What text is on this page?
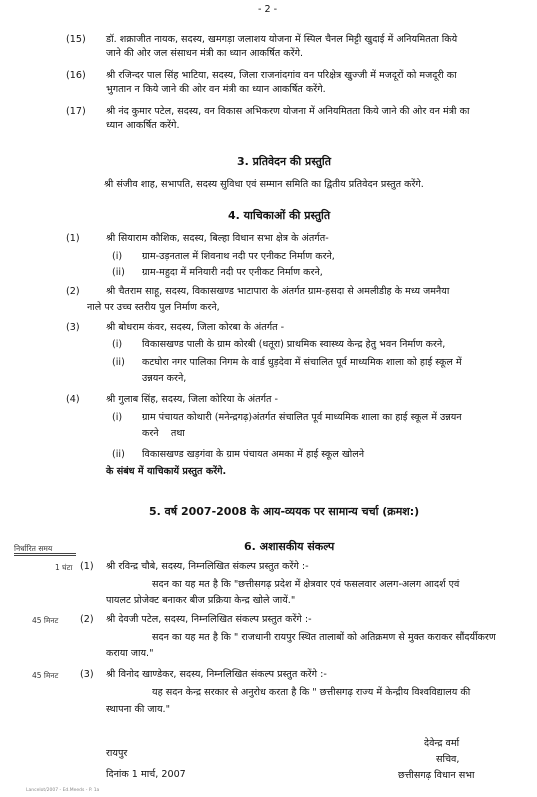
- 2 -
(15) डॉ. शक्राजीत नायक, सदस्य, खमगड़ा जलाशय योजना में स्पिल चैनल मिट्टी खुदाई में अनियमितता किये
जाने की ओर जल संसाधन मंत्री का ध्यान आकर्षित करेंगे.
(16) श्री रजिन्दर पाल सिंह भाटिया, सदस्य, जिला राजनांदगांव वन परिक्षेत्र खुज्जी में मजदूरों को मजदूरी का
भुगतान न किये जाने की ओर वन मंत्री का ध्यान आकर्षित करेंगे.
(17) श्री नंद कुमार पटेल, सदस्य, वन विकास अभिकरण योजना में अनियमितता किये जाने की ओर वन मंत्री का
ध्यान आकर्षित करेंगे.
3. प्रतिवेदन की प्रस्तुति
श्री संजीव शाह, सभापति, सदस्य सुविधा एवं सम्मान समिति का द्वितीय प्रतिवेदन प्रस्तुत करेंगे.
4. याचिकाओं की प्रस्तुति
(1)	श्री सियाराम कौशिक, सदस्य, बिल्हा विधान सभा क्षेत्र के अंतर्गत-
(i) ग्राम-उड़नताल में शिवनाथ नदी पर एनीकट निर्माण करने,
(ii) ग्राम-महुदा में मनियारी नदी पर एनीकट निर्माण करने,
(2)	श्री चैतराम साहू, सदस्य, विकासखण्ड भाटापारा के अंतर्गत ग्राम-हसदा से अमलीडीह के मध्य जमनैया
नाले पर उच्च स्तरीय पुल निर्माण करने,
(3)	श्री बोधराम कंवर, सदस्य, जिला कोरबा के अंतर्गत -
(i) विकासखण्ड पाली के ग्राम कोरबी (धतूरा) प्राथमिक स्वास्थ्य केन्द्र हेतु भवन निर्माण करने,
(ii) कटघोरा नगर पालिका निगम के वार्ड धुड़देवा में संचालित पूर्व माध्यमिक शाला को हाई स्कूल में
उन्नयन करने,
(4)	श्री गुलाब सिंह, सदस्य, जिला कोरिया के अंतर्गत -
(i) ग्राम पंचायत कोथारी (मनेन्द्रगढ़)अंतर्गत संचालित पूर्व माध्यमिक शाला का हाई स्कूल में उन्नयन
करने    तथा
(ii) विकासखण्ड खड़गंवा के ग्राम पंचायत अमका में हाई स्कूल खोलने
के संबंध में याचिकायें प्रस्तुत करेंगे.
5. वर्ष 2007-2008 के आय-व्ययक पर सामान्य चर्चा (क्रमश:)
निर्धारित समय	6. अशासकीय संकल्प
1 घंटा (1) श्री रविन्द्र चौबे, सदस्य, निम्नलिखित संकल्प प्रस्तुत करेंगे :-
सदन का यह मत है कि "छत्तीसगढ़ प्रदेश में क्षेत्रवार एवं फसलवार अलग-अलग आदर्श एवं
पायलट प्रोजेक्ट बनाकर बीज प्रक्रिया केन्द्र खोले जायें."
45 मिनट (2) श्री देवजी पटेल, सदस्य, निम्नलिखित संकल्प प्रस्तुत करेंगे :-
सदन का यह मत है कि " राजधानी रायपुर स्थित तालाबों को अतिक्रमण से मुक्त कराकर सौंदर्यीकरण
कराया जाय."
45 मिनट (3) श्री विनोद खाण्डेकर, सदस्य, निम्नलिखित संकल्प प्रस्तुत करेंगे :-
यह सदन केन्द्र सरकार से अनुरोध करता है कि " छत्तीसगढ़ राज्य में केन्द्रीय विश्वविद्यालय की
स्थापना की जाय."
रायपुर
दिनांक 1 मार्च, 2007
देवेन्द्र वर्मा
सचिव,
छत्तीसगढ़ विधान सभा
Lancelot/2007 - Ed.Meeds - P. 1a
